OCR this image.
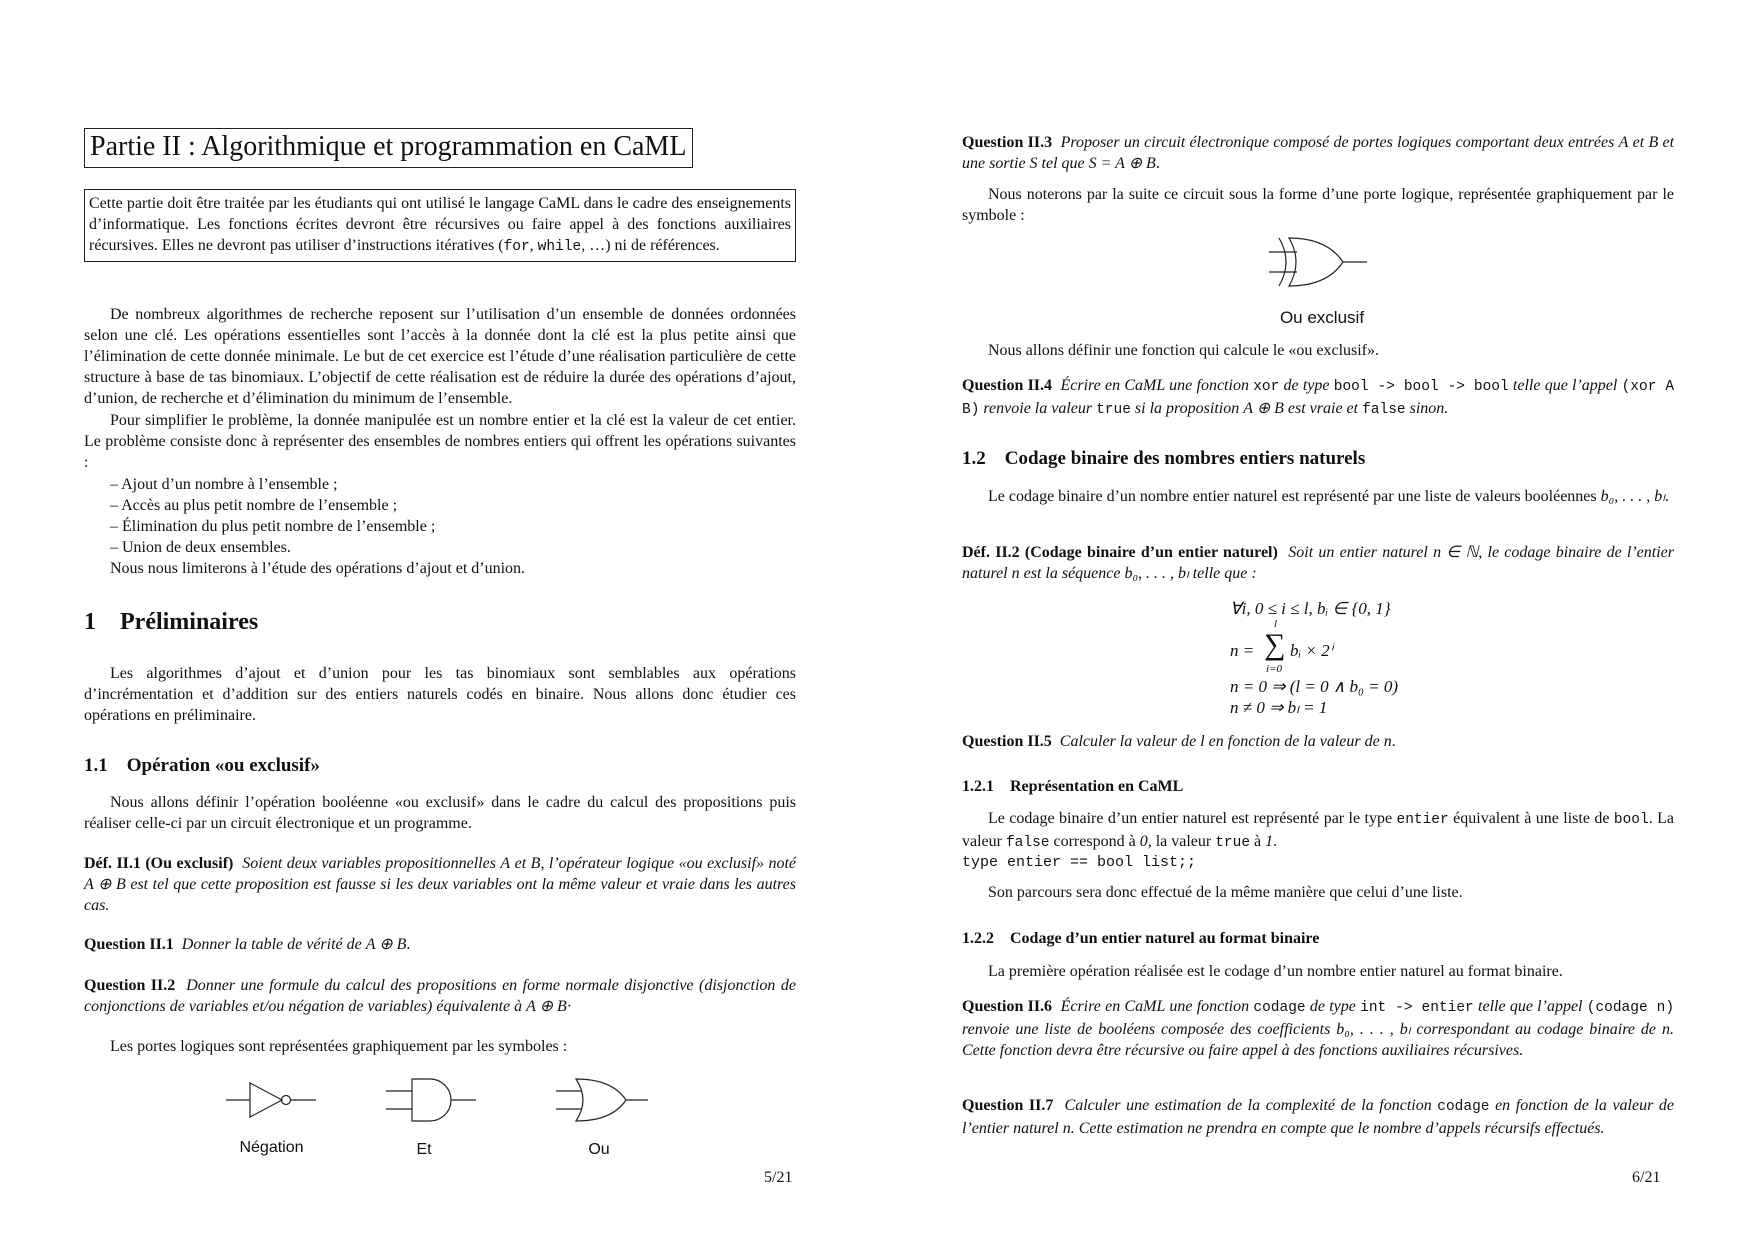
Partie II : Algorithmique et programmation en CaML
Cette partie doit être traitée par les étudiants qui ont utilisé le langage CaML dans le cadre des enseignements d’informatique. Les fonctions écrites devront être récursives ou faire appel à des fonctions auxiliaires récursives. Elles ne devront pas utiliser d’instructions itératives (for, while, …) ni de références.

De nombreux algorithmes de recherche reposent sur l’utilisation d’un ensemble de données ordonnées selon une clé. Les opérations essentielles sont l’accès à la donnée dont la clé est la plus petite ainsi que l’élimination de cette donnée minimale. Le but de cet exercice est l’étude d’une réalisation particulière de cette structure à base de tas binomiaux. L’objectif de cette réalisation est de réduire la durée des opérations d’ajout, d’union, de recherche et d’élimination du minimum de l’ensemble.

Pour simplifier le problème, la donnée manipulée est un nombre entier et la clé est la valeur de cet entier. Le problème consiste donc à représenter des ensembles de nombres entiers qui offrent les opérations suivantes :

– Ajout d’un nombre à l’ensemble ;
– Accès au plus petit nombre de l’ensemble ;
– Élimination du plus petit nombre de l’ensemble ;
– Union de deux ensembles.

Nous nous limiterons à l’étude des opérations d’ajout et d’union.

1    Préliminaires

Les algorithmes d’ajout et d’union pour les tas binomiaux sont semblables aux opérations d’incrémentation et d’addition sur des entiers naturels codés en binaire. Nous allons donc étudier ces opérations en préliminaire.

1.1    Opération «ou exclusif»

Nous allons définir l’opération booléenne «ou exclusif» dans le cadre du calcul des propositions puis réaliser celle-ci par un circuit électronique et un programme.

Déf. II.1 (Ou exclusif) Soient deux variables propositionnelles A et B, l’opérateur logique «ou exclusif» noté A ⊕ B est tel que cette proposition est fausse si les deux variables ont la même valeur et vraie dans les autres cas.

Question II.1 Donner la table de vérité de A ⊕ B.

Question II.2 Donner une formule du calcul des propositions en forme normale disjonctive (disjonction de conjonctions de variables et/ou négation de variables) équivalente à A ⊕ B·

Les portes logiques sont représentées graphiquement par les symboles :

Négation	Et	Ou
5/21

Question II.3 Proposer un circuit électronique composé de portes logiques comportant deux entrées A et B et une sortie S tel que S = A ⊕ B.

Nous noterons par la suite ce circuit sous la forme d’une porte logique, représentée graphiquement par le symbole :

Ou exclusif

Nous allons définir une fonction qui calcule le «ou exclusif».

Question II.4 Écrire en CaML une fonction xor de type bool -> bool -> bool telle que l’appel (xor A B) renvoie la valeur true si la proposition A ⊕ B est vraie et false sinon.

1.2    Codage binaire des nombres entiers naturels

Le codage binaire d’un nombre entier naturel est représenté par une liste de valeurs booléennes b₀, . . . , bₗ.

Déf. II.2 (Codage binaire d’un entier naturel) Soit un entier naturel n ∈ ℕ, le codage binaire de l’entier naturel n est la séquence b₀, . . . , bₗ telle que :

∀i, 0 ≤ i ≤ l, bᵢ ∈ {0, 1}
n =
l
∑
i=0
bᵢ × 2ⁱ
n = 0 ⇒ (l = 0 ∧ b₀ = 0)
n ≠ 0 ⇒ bₗ = 1

Question II.5 Calculer la valeur de l en fonction de la valeur de n.

1.2.1    Représentation en CaML

Le codage binaire d’un entier naturel est représenté par le type entier équivalent à une liste de bool. La valeur false correspond à 0, la valeur true à 1.

type entier == bool list;;

Son parcours sera donc effectué de la même manière que celui d’une liste.

1.2.2    Codage d’un entier naturel au format binaire

La première opération réalisée est le codage d’un nombre entier naturel au format binaire.

Question II.6 Écrire en CaML une fonction codage de type int -> entier telle que l’appel (codage n) renvoie une liste de booléens composée des coefficients b₀, . . . , bₗ correspondant au codage binaire de n. Cette fonction devra être récursive ou faire appel à des fonctions auxiliaires récursives.

Question II.7 Calculer une estimation de la complexité de la fonction codage en fonction de la valeur de l’entier naturel n. Cette estimation ne prendra en compte que le nombre d’appels récursifs effectués.

6/21
